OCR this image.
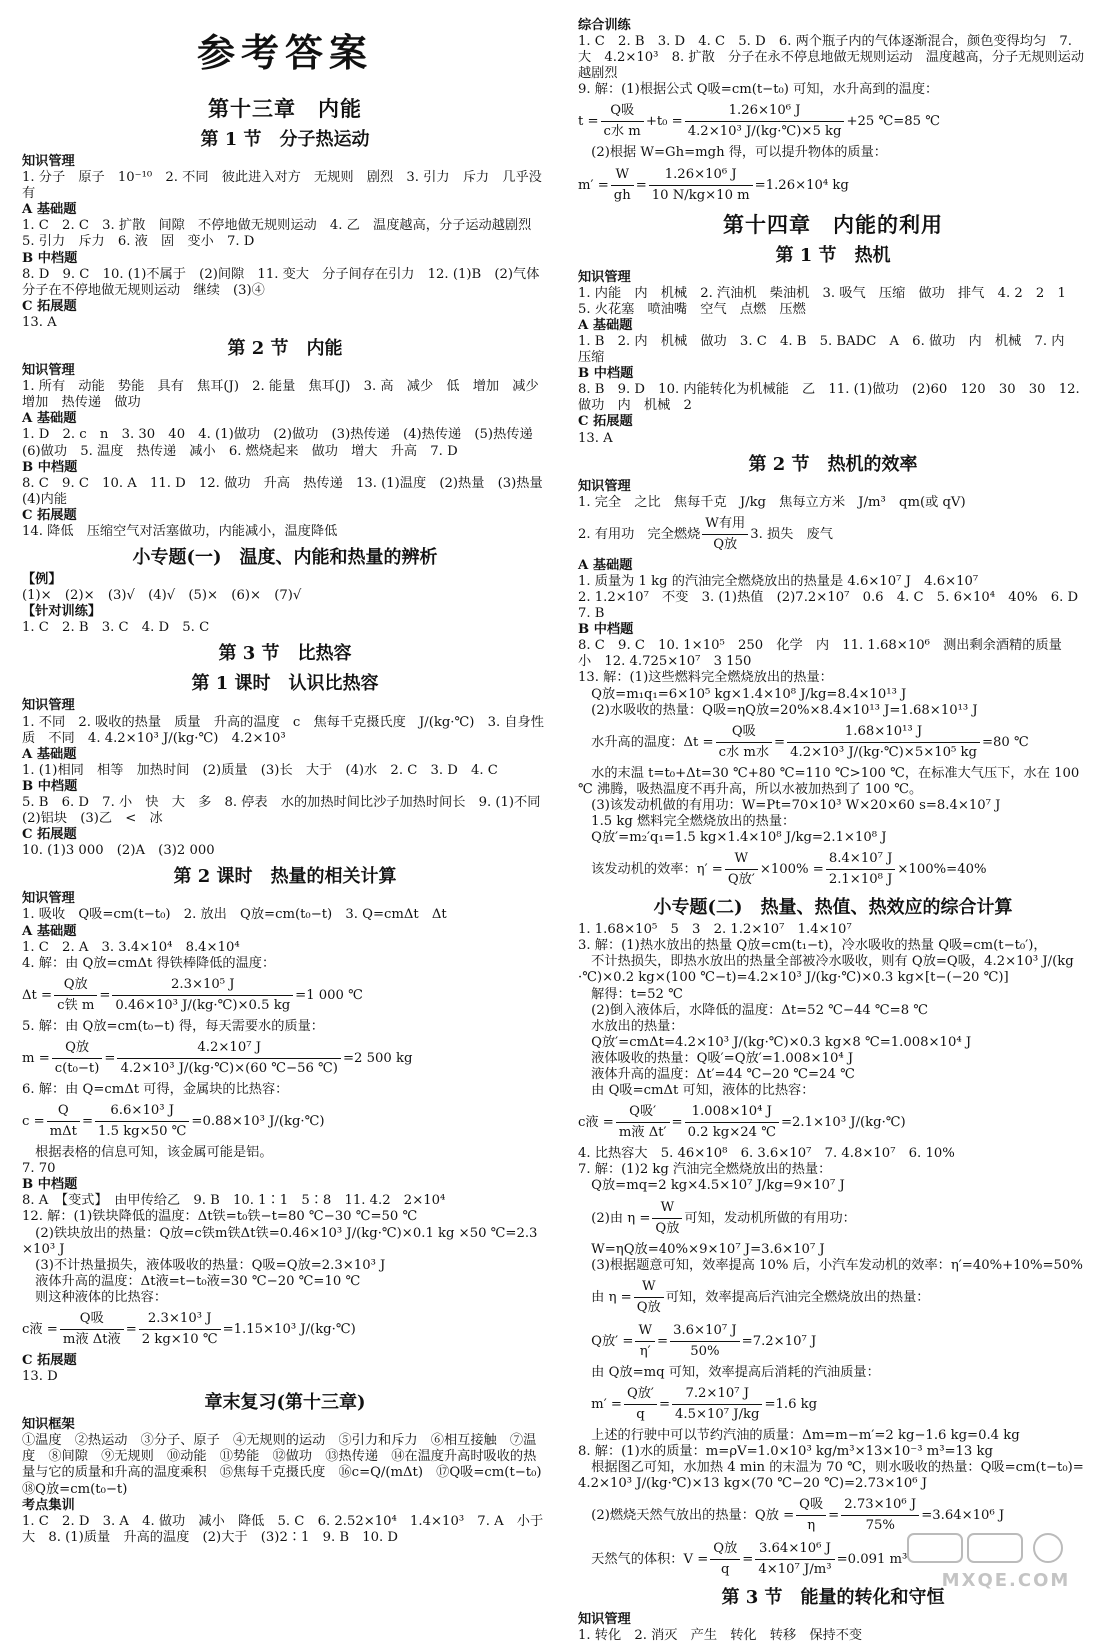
参考答案
第十三章　内能
第 1 节　分子热运动
知识管理
1. 分子　原子　10⁻¹⁰　2. 不同　彼此进入对方　无规则　剧烈　3. 引力　斥力　几乎没有
A 基础题
1. C　2. C　3. 扩散　间隙　不停地做无规则运动　4. 乙　温度越高，分子运动越剧烈　5. 引力　斥力　6. 液　固　变小　7. D
B 中档题
8. D　9. C　10. (1)不属于　(2)间隙　11. 变大　分子间存在引力　12. (1)B　(2)气体分子在不停地做无规则运动　继续　(3)④
C 拓展题
13. A
第 2 节　内能
知识管理
1. 所有　动能　势能　具有　焦耳(J)　2. 能量　焦耳(J)　3. 高　减少　低　增加　减少　增加　热传递　做功
A 基础题
1. D　2. c　n　3. 30　40　4. (1)做功　(2)做功　(3)热传递　(4)热传递　(5)热传递　(6)做功　5. 温度　热传递　减小　6. 燃烧起来　做功　增大　升高　7. D
B 中档题
8. C　9. C　10. A　11. D　12. 做功　升高　热传递　13. (1)温度　(2)热量　(3)热量　(4)内能
C 拓展题
14. 降低　压缩空气对活塞做功，内能减小，温度降低
小专题(一)　温度、内能和热量的辨析
【例】
(1)×　(2)×　(3)√　(4)√　(5)×　(6)×　(7)√
【针对训练】
1. C　2. B　3. C　4. D　5. C
第 3 节　比热容
第 1 课时　认识比热容
知识管理
1. 不同　2. 吸收的热量　质量　升高的温度　c　焦每千克摄氏度　J/(kg·℃)　3. 自身性质　不同　4. 4.2×10³ J/(kg·℃)　4.2×10³
A 基础题
1. (1)相同　相等　加热时间　(2)质量　(3)长　大于　(4)水　2. C　3. D　4. C
B 中档题
5. B　6. D　7. 小　快　大　多　8. 停表　水的加热时间比沙子加热时间长　9. (1)不同　(2)铝块　(3)乙　<　冰
C 拓展题
10. (1)3 000　(2)A　(3)2 000
第 2 课时　热量的相关计算
知识管理
1. 吸收　Q吸=cm(t−t₀)　2. 放出　Q放=cm(t₀−t)　3. Q=cmΔt　Δt
A 基础题
1. C　2. A　3. 3.4×10⁴　8.4×10⁴
4. 解：由 Q放=cmΔt 得铁棒降低的温度：
$\Delta t = \frac{\text{Q放}}{\text{c铁 m}} = \frac{\text{2.3×10⁵ J}}{\text{0.46×10³ J/(kg·℃)×0.5 kg}} =1$ 000 ℃
5. 解：由 Q放=cm(t₀−t) 得，每天需要水的质量：
$m = \frac{\text{Q放}}{\text{c(t₀−t)}} = \frac{\text{4.2×10⁷ J}}{\text{4.2×10³ J/(kg·℃)×(60 ℃−56 ℃)}} =2$ 500 kg
6. 解：由 Q=cmΔt 可得，金属块的比热容：
$c = \frac{Q}{\text{mΔt}} = \frac{\text{6.6×10³ J}}{1.5 kg\times 50 ℃} =0.88\times 10^3$ J/(kg·℃)
　根据表格的信息可知，该金属可能是铝。
7. 70
B 中档题
8. A　【变式】　由甲传给乙　9. B　10. 1∶1　5∶8　11. 4.2　2×10⁴
12. 解：(1)铁块降低的温度：Δt铁=t₀铁−t=80 ℃−30 ℃=50 ℃
　(2)铁块放出的热量：Q放=c铁m铁Δt铁=0.46×10³ J/(kg·℃)×0.1 kg ×50 ℃=2.3×10³ J
　(3)不计热量损失，液体吸收的热量：Q吸=Q放=2.3×10³ J
　液体升高的温度：Δt液=t−t₀液=30 ℃−20 ℃=10 ℃
　则这种液体的比热容：
c液 = $\frac{\text{Q吸}}{\text{m液 Δt液}} = \frac{\text{2.3×10³ J}}{2 kg\times 10 ℃} =1.15\times 10^3$ J/(kg·℃)
C 拓展题
13. D
章末复习(第十三章)
知识框架
①温度　②热运动　③分子、原子　④无规则的运动　⑤引力和斥力　⑥相互接触　⑦温度　⑧间隙　⑨无规则　⑩动能　⑪势能　⑫做功　⑬热传递　⑭在温度升高时吸收的热量与它的质量和升高的温度乘积　⑮焦每千克摄氏度　⑯c=Q/(mΔt)　⑰Q吸=cm(t−t₀)
⑱Q放=cm(t₀−t)
考点集训
1. C　2. D　3. A　4. 做功　减小　降低　5. C　6. 2.52×10⁴　1.4×10³　7. A　小于　大　8. (1)质量　升高的温度　(2)大于　(3)2∶1　9. B　10. D
综合训练
1. C　2. B　3. D　4. C　5. D　6. 两个瓶子内的气体逐渐混合，颜色变得均匀　7. 大　4.2×10³　8. 扩散　分子在永不停息地做无规则运动　温度越高，分子无规则运动越剧烈
9. 解：(1)根据公式 Q吸=cm(t−t₀) 可知，水升高到的温度：
$t = \frac{\text{Q吸}}{\text{c水 m}} +t_0 = \frac{\text{1.26×10⁶ J}}{\text{4.2×10³ J/(kg·℃)×5 kg}} +25$ ℃=85 ℃
　(2)根据 W=Gh=mgh 得，可以提升物体的质量：
$m' = \frac{W}{gh} = \frac{\text{1.26×10⁶ J}}{10 N/kg\times 10 m} =1.26\times 10^4$ kg
第十四章　内能的利用
第 1 节　热机
知识管理
1. 内能　内　机械　2. 汽油机　柴油机　3. 吸气　压缩　做功　排气　4. 2　2　1　5. 火花塞　喷油嘴　空气　点燃　压燃
A 基础题
1. B　2. 内　机械　做功　3. C　4. B　5. BADC　A　6. 做功　内　机械　7. 内　压缩
B 中档题
8. B　9. D　10. 内能转化为机械能　乙　11. (1)做功　(2)60　120　30　30　12. 做功　内　机械　2
C 拓展题
13. A
第 2 节　热机的效率
知识管理
1. 完全　之比　焦每千克　J/kg　焦每立方米　J/m³　qm(或 qV)
2. 有用功　完全燃烧 $\frac{\text{W有用}}{\text{Q放}} 3$. 损失　废气
A 基础题
1. 质量为 1 kg 的汽油完全燃烧放出的热量是 4.6×10⁷ J　4.6×10⁷
2. 1.2×10⁷　不变　3. (1)热值　(2)7.2×10⁷　0.6　4. C　5. 6×10⁴　40%　6. D　7. B
B 中档题
8. C　9. C　10. 1×10⁵　250　化学　内　11. 1.68×10⁶　测出剩余酒精的质量　小　12. 4.725×10⁷　3 150
13. 解：(1)这些燃料完全燃烧放出的热量：
　Q放=m₁q₁=6×10⁵ kg×1.4×10⁸ J/kg=8.4×10¹³ J
　(2)水吸收的热量：Q吸=ηQ放=20%×8.4×10¹³ J=1.68×10¹³ J
　水升高的温度：$\Delta t = \frac{\text{Q吸}}{\text{c水 m水}} = \frac{\text{1.68×10¹³ J}}{\text{4.2×10³ J/(kg·℃)×5×10⁵ kg}} =80$ ℃
　水的末温 t=t₀+Δt=30 ℃+80 ℃=110 ℃>100 ℃，在标准大气压下，水在 100 ℃ 沸腾，吸热温度不再升高，所以水被加热到了 100 ℃。
　(3)该发动机做的有用功：W=Pt=70×10³ W×20×60 s=8.4×10⁷ J
　1.5 kg 燃料完全燃烧放出的热量：
　Q放′=m₂′q₁=1.5 kg×1.4×10⁸ J/kg=2.1×10⁸ J
　该发动机的效率：$\eta' = \frac{W}{\text{Q放′}} \times 100\% = \frac{\text{8.4×10⁷ J}}{\text{2.1×10⁸ J}} \times 100\%=40\%$
小专题(二)　热量、热值、热效应的综合计算
1. 1.68×10⁵　5　3　2. 1.2×10⁷　1.4×10⁷
3. 解：(1)热水放出的热量 Q放=cm(t₁−t)，冷水吸收的热量 Q吸=cm(t−t₀′)，
　不计热损失，即热水放出的热量全部被冷水吸收，则有 Q放=Q吸，4.2×10³ J/(kg·℃)×0.2 kg×(100 ℃−t)=4.2×10³ J/(kg·℃)×0.3 kg×[t−(−20 ℃)]
　解得：t=52 ℃
　(2)倒入液体后，水降低的温度：Δt=52 ℃−44 ℃=8 ℃
　水放出的热量：
　Q放′=cmΔt=4.2×10³ J/(kg·℃)×0.3 kg×8 ℃=1.008×10⁴ J
　液体吸收的热量：Q吸′=Q放′=1.008×10⁴ J
　液体升高的温度：Δt′=44 ℃−20 ℃=24 ℃
　由 Q吸=cmΔt 可知，液体的比热容：
c液 = $\frac{\text{Q吸′}}{\text{m液 Δt′}} = \frac{\text{1.008×10⁴ J}}{0.2 kg\times 24 ℃} =2.1\times 10^3$ J/(kg·℃)
4. 比热容大　5. 46×10⁸　6. 3.6×10⁷　7. 4.8×10⁷　6. 10%
7. 解：(1)2 kg 汽油完全燃烧放出的热量：
　Q放=mq=2 kg×4.5×10⁷ J/kg=9×10⁷ J
　(2)由 $\eta = \frac{W}{\text{Q放}}$ 可知，发动机所做的有用功：
　W=ηQ放=40%×9×10⁷ J=3.6×10⁷ J
　(3)根据题意可知，效率提高 10% 后，小汽车发动机的效率：η′=40%+10%=50%
　由 $\eta = \frac{W}{\text{Q放}}$ 可知，效率提高后汽油完全燃烧放出的热量：
　Q放′ = $\frac{W}{\eta'} = \frac{\text{3.6×10⁷ J}}{50\%} =7.2\times 10^7$ J
　由 Q放=mq 可知，效率提高后消耗的汽油质量：
　$m' = \frac{\text{Q放′}}{q} = \frac{\text{7.2×10⁷ J}}{\text{4.5×10⁷ J/kg}} =1.6$ kg
　上述的行驶中可以节约汽油的质量：Δm=m−m′=2 kg−1.6 kg=0.4 kg
8. 解：(1)水的质量：m=ρV=1.0×10³ kg/m³×13×10⁻³ m³=13 kg
　根据图乙可知，水加热 4 min 的末温为 70 ℃，则水吸收的热量：Q吸=cm(t−t₀)=4.2×10³ J/(kg·℃)×13 kg×(70 ℃−20 ℃)=2.73×10⁶ J
　(2)燃烧天然气放出的热量：Q放 = $\frac{\text{Q吸}}{\eta} = \frac{\text{2.73×10⁶ J}}{75\%} =3.64\times 10^6$ J
　天然气的体积：$V = \frac{\text{Q放}}{q} = \frac{\text{3.64×10⁶ J}}{\text{4×10⁷ J/m³}} =0.091$ m³
第 3 节　能量的转化和守恒
知识管理
1. 转化　2. 消灭　产生　转化　转移　保持不变
MXQE.COM
